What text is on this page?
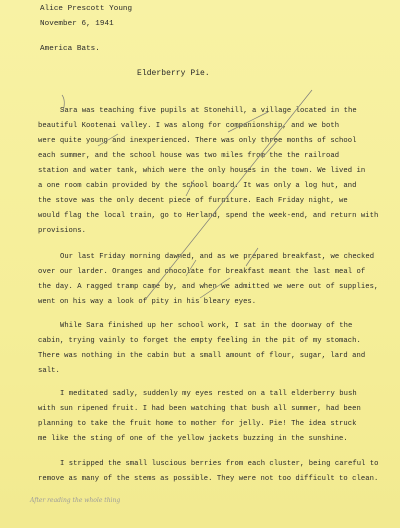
Alice Prescott Young
November 6, 1941
America Bats.
Elderberry Pie.
Sara was teaching five pupils at Stonehill, a village located in the
beautiful Kootenai valley. I was along for companionship, and we both
were quite young and inexperienced. There was only three months of school
each summer, and the school house was two miles from the the railroad
station and water tank, which were the only houses in the town. We lived in
a one room cabin provided by the school board. It was only a log hut, and
the stove was the only decent piece of furniture. Each Friday night, we
would flag the local train, go to Herland, spend the week-end, and return with
provisions.
Our last Friday morning dawned, and as we prepared breakfast, we checked
over our larder. Oranges and chocolate for breakfast meant the last meal of
the day. A ragged tramp came by, and when we admitted we were out of supplies,
went on his way a look of pity in his bleary eyes.
While Sara finished up her school work, I sat in the doorway of the
cabin, trying vainly to forget the empty feeling in the pit of my stomach.
There was nothing in the cabin but a small amount of flour, sugar, lard and
salt.
I meditated sadly, suddenly my eyes rested on a tall elderberry bush
with sun ripened fruit. I had been watching that bush all summer, had been
planning to take the fruit home to mother for jelly. Pie! The idea struck
me like the sting of one of the yellow jackets buzzing in the sunshine.
I stripped the small luscious berries from each cluster, being careful to
remove as many of the stems as possible. They were not too difficult to clean.
After reading the whole thing
